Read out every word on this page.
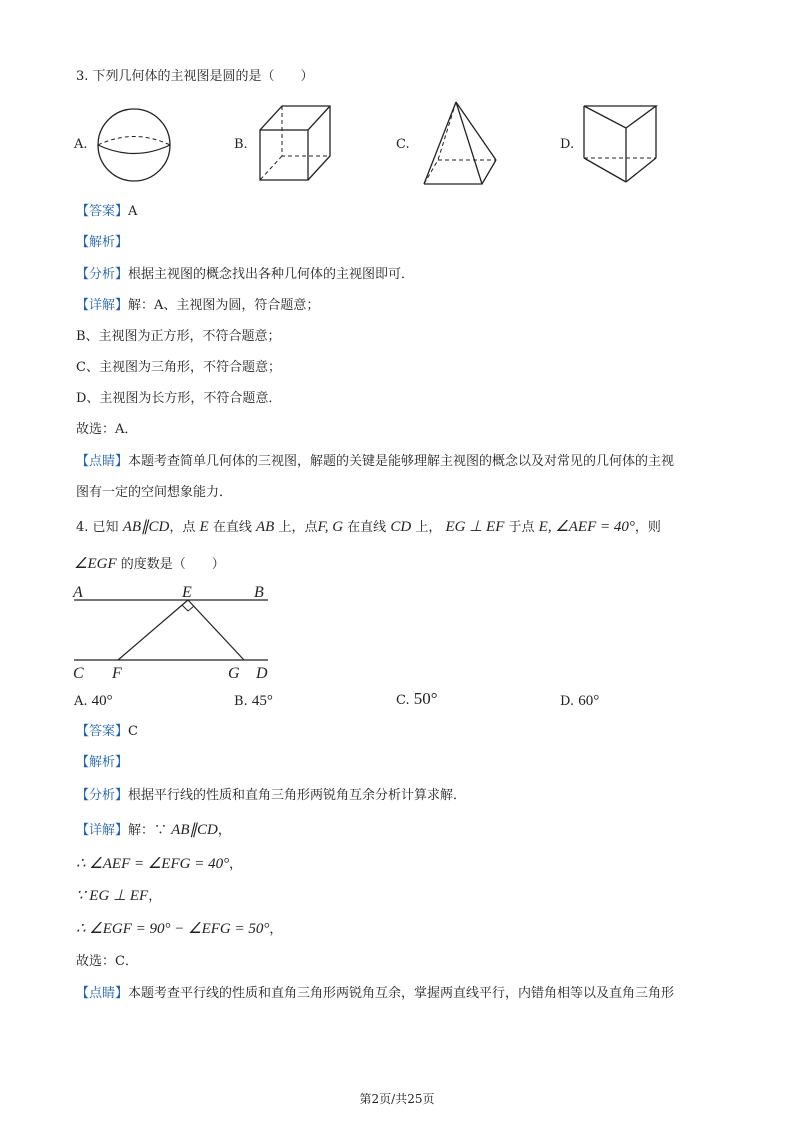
3. 下列几何体的主视图是圆的是（　　）
A.	B.	C.	D.
【答案】A
【解析】
【分析】根据主视图的概念找出各种几何体的主视图即可．
【详解】解：A、主视图为圆，符合题意；
B、主视图为正方形，不符合题意；
C、主视图为三角形，不符合题意；
D、主视图为长方形，不符合题意．
故选：A．
【点睛】本题考查简单几何体的三视图，解题的关键是能够理解主视图的概念以及对常见的几何体的主视
图有一定的空间想象能力．
4. 已知 AB∥CD，点 E 在直线 AB 上，点F, G 在直线 CD 上， EG ⊥ EF 于点 E, ∠AEF = 40°，则
∠EGF 的度数是（　　）
A	E	B
C F	G D
A. 40°	B. 45°	C. 50°	D. 60°
【答案】C
【解析】
【分析】根据平行线的性质和直角三角形两锐角互余分析计算求解．
【详解】解：∵ AB∥CD，
∴ ∠AEF = ∠EFG = 40°，
∵ EG ⊥ EF，
∴ ∠EGF = 90° − ∠EFG = 50°，
故选：C．
【点睛】本题考查平行线的性质和直角三角形两锐角互余，掌握两直线平行，内错角相等以及直角三角形
第2页/共25页
